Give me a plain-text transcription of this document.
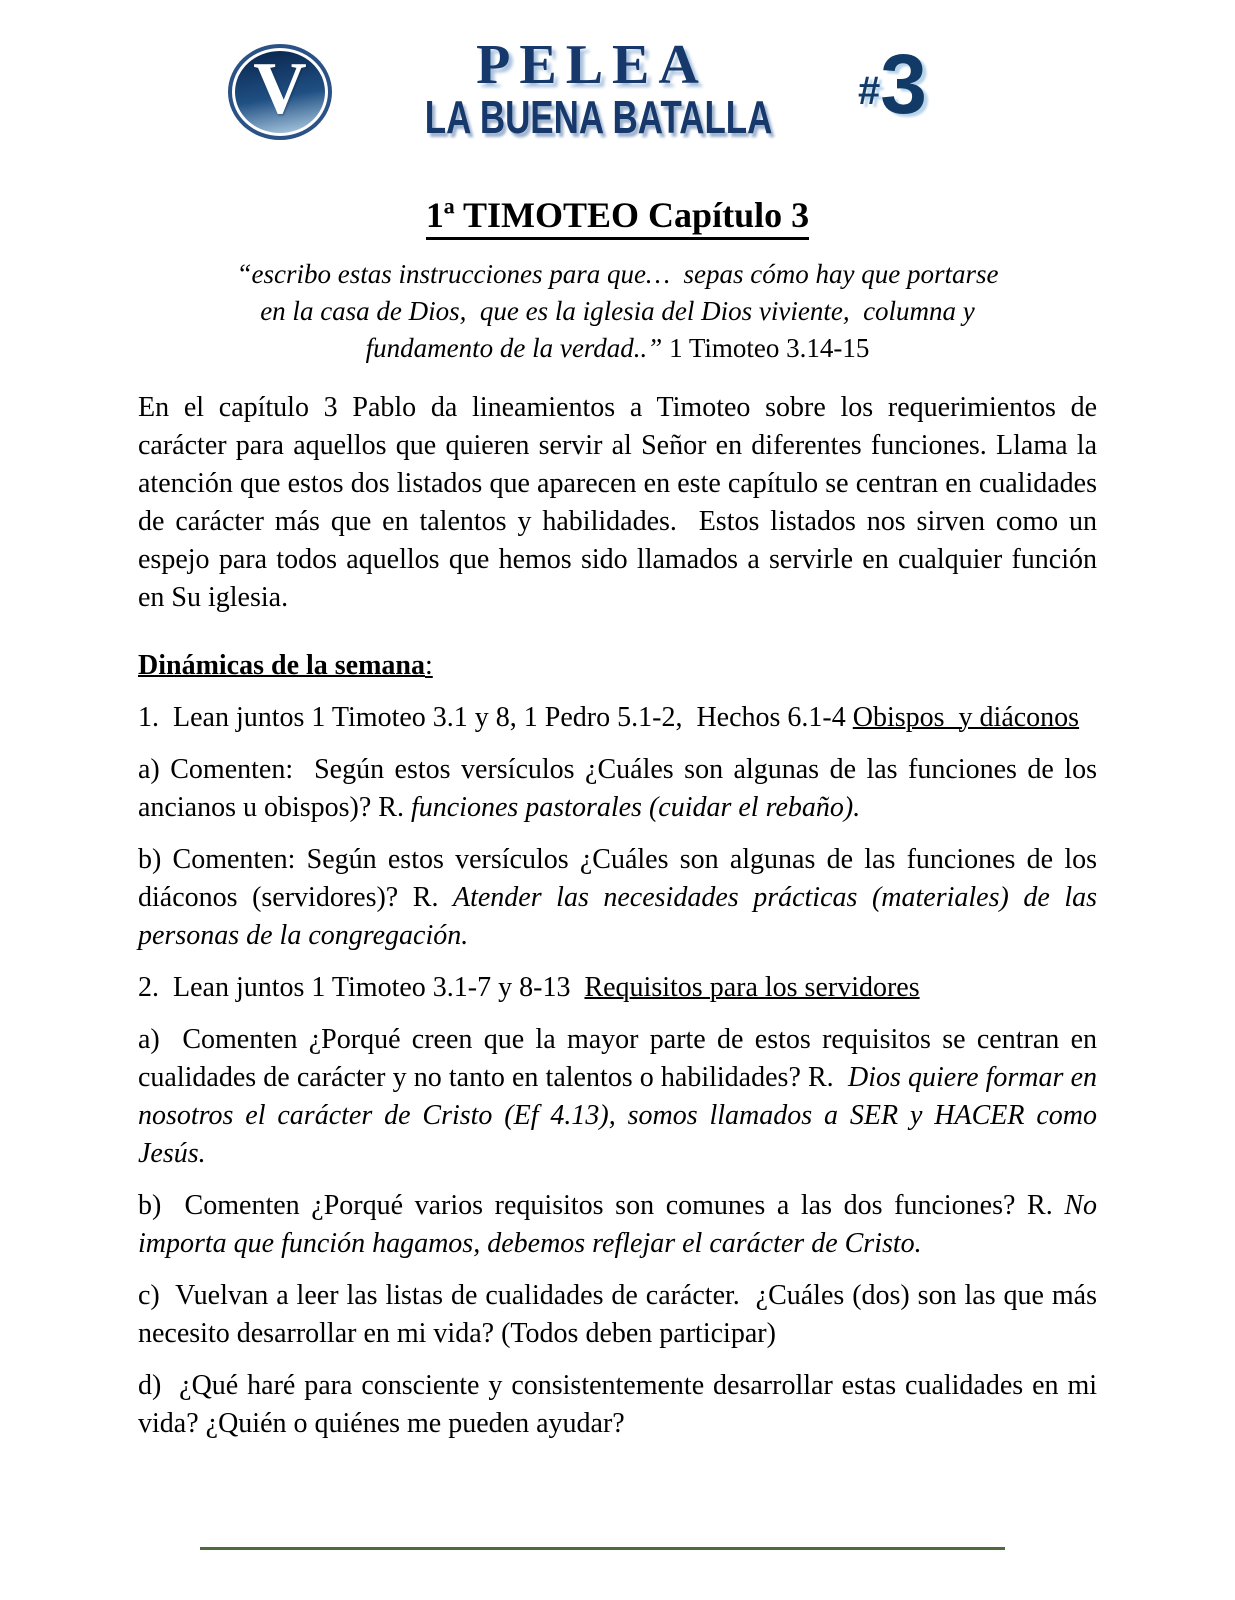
V	PELEA
LA BUENA BATALLA # 3
1ª TIMOTEO Capítulo 3
“escribo estas instrucciones para que…  sepas cómo hay que portarse
en la casa de Dios,  que es la iglesia del Dios viviente,  columna y
fundamento de la verdad..” 1 Timoteo 3.14-15

En el capítulo 3 Pablo da lineamientos a Timoteo sobre los requerimientos de carácter para aquellos que quieren servir al Señor en diferentes funciones. Llama la atención que estos dos listados que aparecen en este capítulo se centran en cualidades de carácter más que en talentos y habilidades.  Estos listados nos sirven como un espejo para todos aquellos que hemos sido llamados a servirle en cualquier función en Su iglesia.

Dinámicas de la semana:

1.  Lean juntos 1 Timoteo 3.1 y 8, 1 Pedro 5.1-2,  Hechos 6.1-4 Obispos  y diáconos

a) Comenten:  Según estos versículos ¿Cuáles son algunas de las funciones de los ancianos u obispos)? R. funciones pastorales (cuidar el rebaño).

b) Comenten: Según estos versículos ¿Cuáles son algunas de las funciones de los diáconos (servidores)? R. Atender las necesidades prácticas (materiales) de las personas de la congregación.

2.  Lean juntos 1 Timoteo 3.1-7 y 8-13  Requisitos para los servidores

a)  Comenten ¿Porqué creen que la mayor parte de estos requisitos se centran en cualidades de carácter y no tanto en talentos o habilidades? R.  Dios quiere formar en nosotros el carácter de Cristo (Ef 4.13), somos llamados a SER y HACER como Jesús.

b)  Comenten ¿Porqué varios requisitos son comunes a las dos funciones? R. No importa que función hagamos, debemos reflejar el carácter de Cristo.

c)  Vuelvan a leer las listas de cualidades de carácter.  ¿Cuáles (dos) son las que más necesito desarrollar en mi vida? (Todos deben participar)

d)  ¿Qué haré para consciente y consistentemente desarrollar estas cualidades en mi vida? ¿Quién o quiénes me pueden ayudar?
